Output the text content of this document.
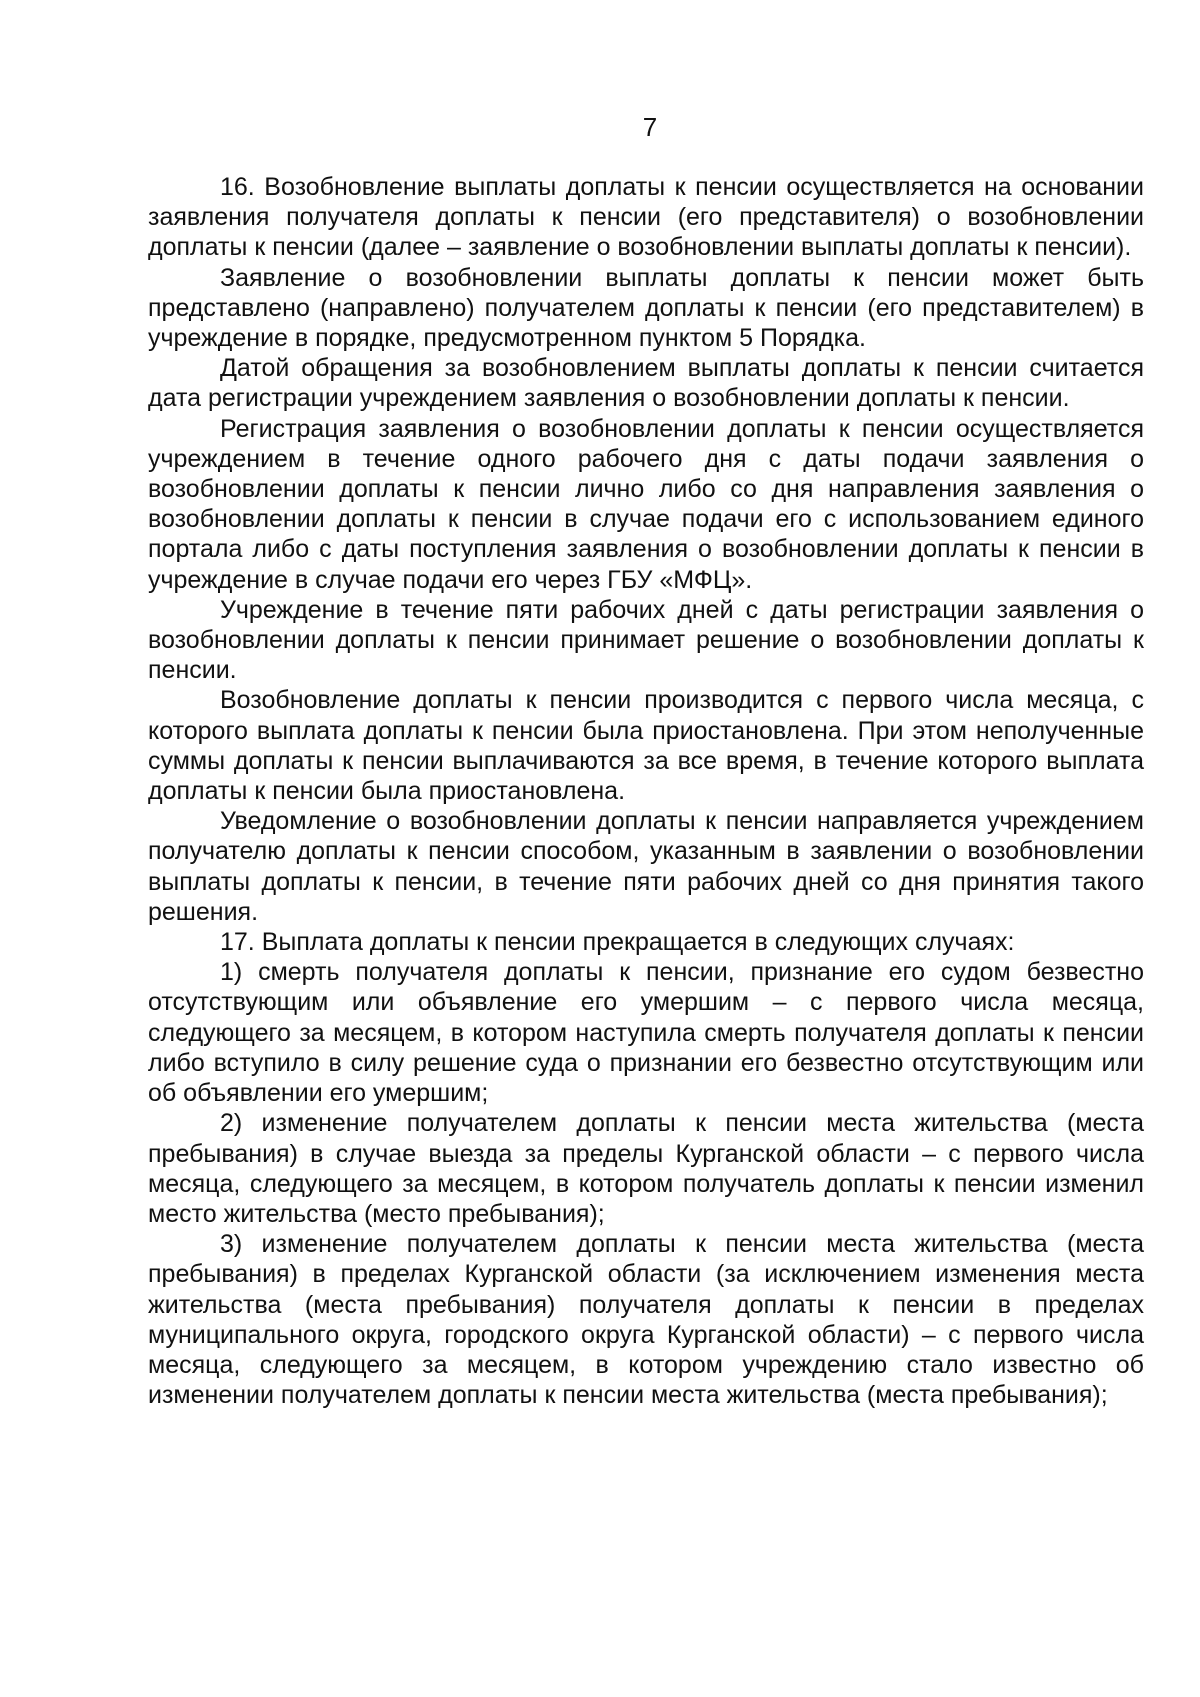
7

16. Возобновление выплаты доплаты к пенсии осуществляется на основании заявления получателя доплаты к пенсии (его представителя) о возобновлении доплаты к пенсии (далее – заявление о возобновлении выплаты доплаты к пенсии).

Заявление о возобновлении выплаты доплаты к пенсии может быть представлено (направлено) получателем доплаты к пенсии (его представителем) в учреждение в порядке, предусмотренном пунктом 5 Порядка.

Датой обращения за возобновлением выплаты доплаты к пенсии считается дата регистрации учреждением заявления о возобновлении доплаты к пенсии.

Регистрация заявления о возобновлении доплаты к пенсии осуществляется учреждением в течение одного рабочего дня с даты подачи заявления о возобновлении доплаты к пенсии лично либо со дня направления заявления о возобновлении доплаты к пенсии в случае подачи его с использованием единого портала либо с даты поступления заявления о возобновлении доплаты к пенсии в учреждение в случае подачи его через ГБУ «МФЦ».

Учреждение в течение пяти рабочих дней с даты регистрации заявления о возобновлении доплаты к пенсии принимает решение о возобновлении доплаты к пенсии.

Возобновление доплаты к пенсии производится с первого числа месяца, с которого выплата доплаты к пенсии была приостановлена. При этом неполученные суммы доплаты к пенсии выплачиваются за все время, в течение которого выплата доплаты к пенсии была приостановлена.

Уведомление о возобновлении доплаты к пенсии направляется учреждением получателю доплаты к пенсии способом, указанным в заявлении о возобновлении выплаты доплаты к пенсии, в течение пяти рабочих дней со дня принятия такого решения.

17. Выплата доплаты к пенсии прекращается в следующих случаях:

1) смерть получателя доплаты к пенсии, признание его судом безвестно отсутствующим или объявление его умершим – с первого числа месяца, следующего за месяцем, в котором наступила смерть получателя доплаты к пенсии либо вступило в силу решение суда о признании его безвестно отсутствующим или об объявлении его умершим;

2) изменение получателем доплаты к пенсии места жительства (места пребывания) в случае выезда за пределы Курганской области – с первого числа месяца, следующего за месяцем, в котором получатель доплаты к пенсии изменил место жительства (место пребывания);

3) изменение получателем доплаты к пенсии места жительства (места пребывания) в пределах Курганской области (за исключением изменения места жительства (места пребывания) получателя доплаты к пенсии в пределах муниципального округа, городского округа Курганской области) – с первого числа месяца, следующего за месяцем, в котором учреждению стало известно об изменении получателем доплаты к пенсии места жительства (места пребывания);
